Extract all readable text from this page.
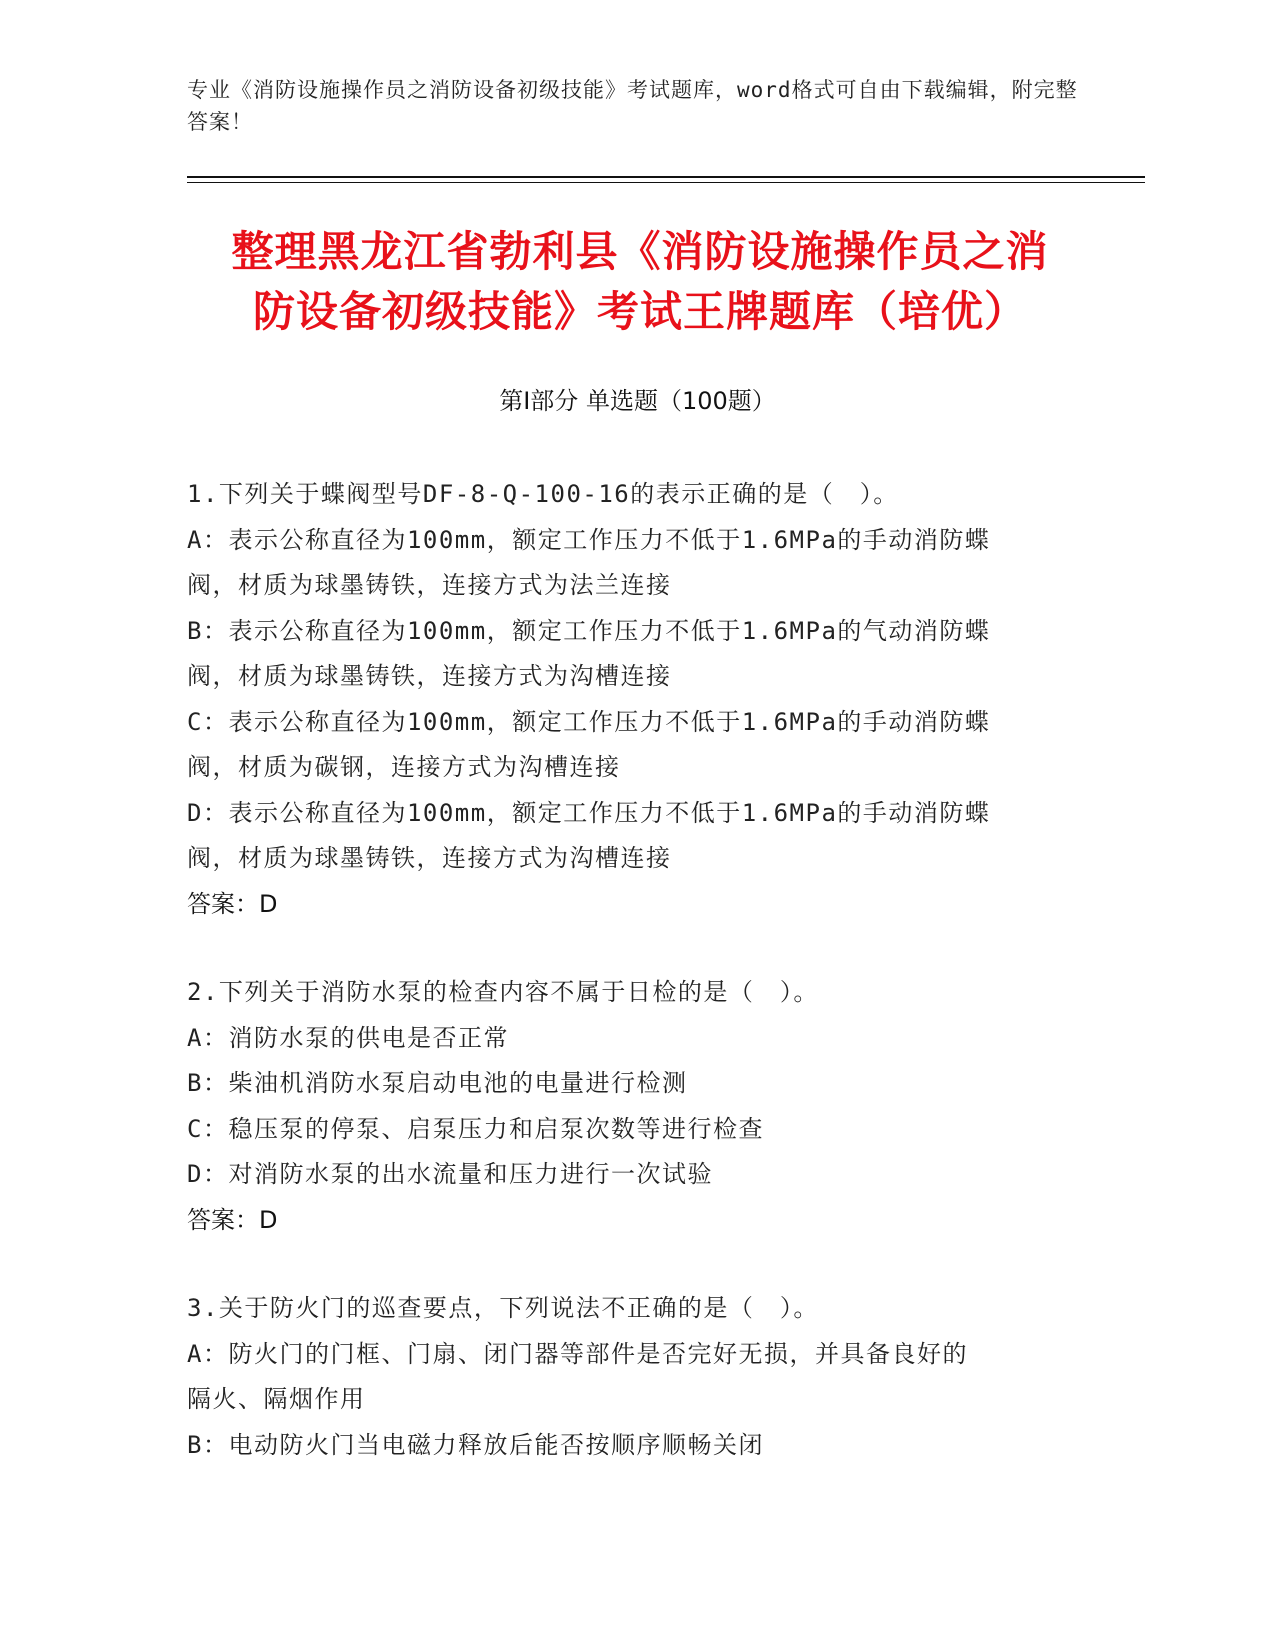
专业《消防设施操作员之消防设备初级技能》考试题库，word格式可自由下载编辑，附完整答案！
整理黑龙江省勃利县《消防设施操作员之消
防设备初级技能》考试王牌题库（培优）
第Ⅰ部分 单选题（100题）

1.下列关于蝶阀型号DF-8-Q-100-16的表示正确的是（　）。

A：表示公称直径为100mm，额定工作压力不低于1.6MPa的手动消防蝶

阀，材质为球墨铸铁，连接方式为法兰连接

B：表示公称直径为100mm，额定工作压力不低于1.6MPa的气动消防蝶

阀，材质为球墨铸铁，连接方式为沟槽连接

C：表示公称直径为100mm，额定工作压力不低于1.6MPa的手动消防蝶

阀，材质为碳钢，连接方式为沟槽连接

D：表示公称直径为100mm，额定工作压力不低于1.6MPa的手动消防蝶

阀，材质为球墨铸铁，连接方式为沟槽连接

答案：D

2.下列关于消防水泵的检查内容不属于日检的是（　）。

A：消防水泵的供电是否正常

B：柴油机消防水泵启动电池的电量进行检测

C：稳压泵的停泵、启泵压力和启泵次数等进行检查

D：对消防水泵的出水流量和压力进行一次试验

答案：D

3.关于防火门的巡查要点，下列说法不正确的是（　）。

A：防火门的门框、门扇、闭门器等部件是否完好无损，并具备良好的

隔火、隔烟作用

B：电动防火门当电磁力释放后能否按顺序顺畅关闭
